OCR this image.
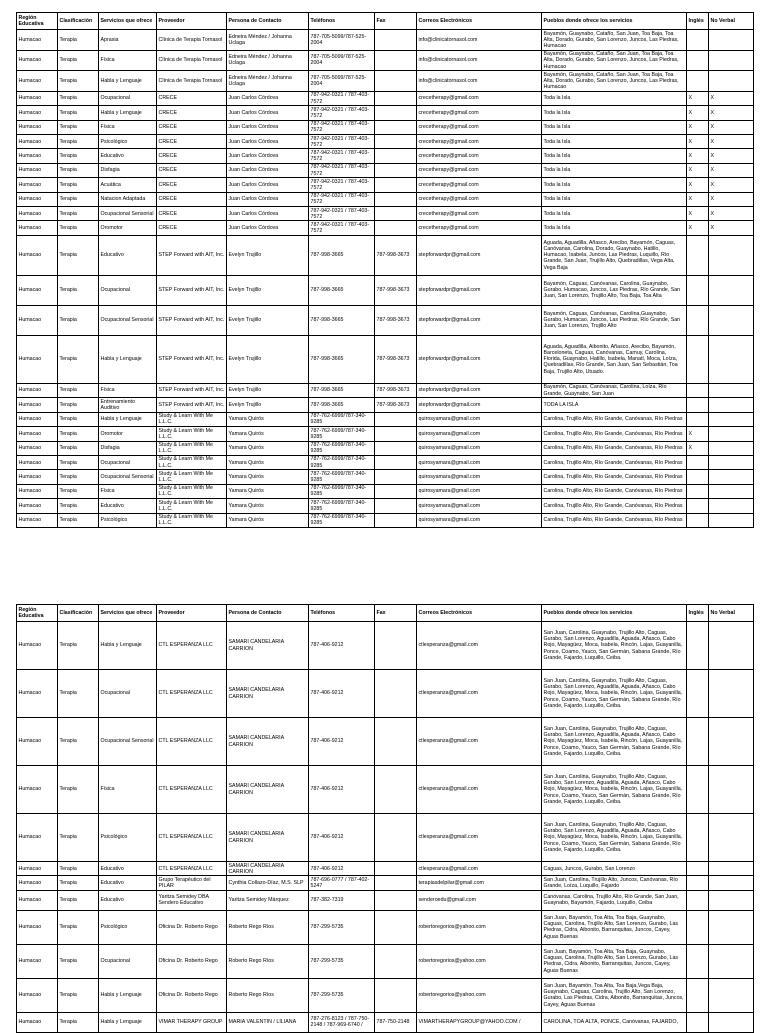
Región Educativa	Clasificación	Servicios que ofrece	Proveedor	Persona de Contacto	Teléfonos	Fax	Correos Electrónicos	Pueblos donde ofrece los servicios	Inglés	No Verbal
Humacao	Terapia	Apraxia	Clínica de Terapia Tornasol	Edneira Méndez / Johanna Uclaga	787-705-5099/787-525-2004		info@clinicatornasol.com	Bayamón, Guaynabo, Cataño, San Juan, Toa Baja, Toa Alta, Dorado, Gurabo, San Lorenzo, Juncos, Las Piedras, Humacao		
Humacao	Terapia	Física	Clínica de Terapia Tornasol	Edneira Méndez / Johanna Uclaga	787-705-5099/787-525-2004		info@clinicatornasol.com	Bayamón, Guaynabo, Cataño, San Juan, Toa Baja, Toa Alta, Dorado, Gurabo, San Lorenzo, Juncos, Las Piedras, Humacao		
Humacao	Terapia	Habla y Lenguaje	Clínica de Terapia Tornasol	Edneira Méndez / Johanna Uclaga	787-705-5099/787-525-2004		info@clinicatornasol.com	Bayamón, Guaynabo, Cataño, San Juan, Toa Baja, Toa Alta, Dorado, Gurabo, San Lorenzo, Juncos, Las Piedras, Humacao		
Humacao	Terapia	Ocupacional	CRECE	Juan Carlos Córdova	787-942-0321 / 787-403-7572		crecetherapy@gmail.com	Toda la Isla	X	X
Humacao	Terapia	Habla y Lenguaje	CRECE	Juan Carlos Córdova	787-942-0321 / 787-403-7572		crecetherapy@gmail.com	Toda la Isla	X	X
Humacao	Terapia	Física	CRECE	Juan Carlos Córdova	787-942-0321 / 787-403-7572		crecetherapy@gmail.com	Toda la Isla	X	X
Humacao	Terapia	Psicológico	CRECE	Juan Carlos Córdova	787-942-0321 / 787-403-7572		crecetherapy@gmail.com	Toda la Isla	X	X
Humacao	Terapia	Educativo	CRECE	Juan Carlos Córdova	787-942-0321 / 787-403-7572		crecetherapy@gmail.com	Toda la Isla	X	X
Humacao	Terapia	Disfagia	CRECE	Juan Carlos Córdova	787-942-0321 / 787-403-7572		crecetherapy@gmail.com	Toda la Isla	X	X
Humacao	Terapia	Acuática	CRECE	Juan Carlos Córdova	787-942-0321 / 787-403-7572		crecetherapy@gmail.com	Toda la Isla	X	X
Humacao	Terapia	Natacion Adaptada	CRECE	Juan Carlos Córdova	787-942-0321 / 787-403-7572		crecetherapy@gmail.com	Toda la Isla	X	X
Humacao	Terapia	Ocupacional Sensorial	CRECE	Juan Carlos Córdova	787-942-0321 / 787-403-7572		crecetherapy@gmail.com	Toda la Isla	X	X
Humacao	Terapia	Oromotor	CRECE	Juan Carlos Córdova	787-942-0321 / 787-403-7572		crecetherapy@gmail.com	Toda la Isla	X	X
Humacao	Terapia	Educativo	STEP Forward with AIT, Inc.	Evelyn Trujillo	787-998-3665	787-998-3673	stepforwardpr@gmail.com	Aguada, Aguadilla, Añasco, Arecibo, Bayamón, Caguas, Canóvanas, Carolina, Dorado, Guaynabo, Hatillo, Humacao, Isabela, Juncos, Las Piedras, Luquillo, Río Grande, San Juan, Trujillo Alto, Quebradillas, Vega Alta, Vega Baja		
Humacao	Terapia	Ocupacional	STEP Forward with AIT, Inc.	Evelyn Trujillo	787-998-3665	787-998-3673	stepforwardpr@gmail.com	Bayamón, Caguas, Canóvanas, Carolina, Guaynabo, Gurabo, Humacao, Juncos, Las Piedras, Río Grande, San Juan, San Lorenzo, Trujillo Alto, Toa Baja, Toa Alta		
Humacao	Terapia	Ocupacional Sensorial	STEP Forward with AIT, Inc.	Evelyn Trujillo	787-998-3665	787-998-3673	stepforwardpr@gmail.com	Bayamón, Caguas, Canóvanas, Carolina,Guaynabo, Gurabo, Humacao, Juncos, Las Piedras, Río Grande, San Juan, San Lorenzo, Trujillo Alto		
Humacao	Terapia	Habla y Lenguaje	STEP Forward with AIT, Inc.	Evelyn Trujillo	787-998-3665	787-998-3673	stepforwardpr@gmail.com	Aguada, Aguadilla, Aibonito, Añasco, Arecibo, Bayamón, Barceloneta, Caguas, Canóvanas, Camuy, Carolina, Florida, Guaynabo, Hatillo, Isabela, Manatí, Moca, Loíza, Quebradillas, Río Grande, San Juan, San Sebastián, Toa Baja, Trujillo Alto, Utuado.		
Humacao	Terapia	Física	STEP Forward with AIT, Inc.	Evelyn Trujillo	787-998-3665	787-998-3673	stepforwardpr@gmail.com	Bayamón, Caguas, Canóvanas, Carolina, Loíza, Río Grande, Guaynabo, San Juan		
Humacao	Terapia	Entrenamiento Auditivo	STEP Forward with AIT, Inc.	Evelyn Trujillo	787-998-3665	787-998-3673	stepforwardpr@gmail.com	TODA LA ISLA		
Humacao	Terapia	Habla y Lenguaje	Study & Learn With Me L.L.C.	Yamara Quirós	787-762-6999/787-340-9285		quirosyamara@gmail.com	Carolina, Trujillo Alto, Río Grande, Canóvanas, Río Piedras		
Humacao	Terapia	Oromotor	Study & Learn With Me L.L.C.	Yamara Quirós	787-762-6999/787-340-9285		quirosyamara@gmail.com	Carolina, Trujillo Alto, Río Grande, Canóvanas, Río Piedras	X	
Humacao	Terapia	Disfagia	Study & Learn With Me L.L.C.	Yamara Quirós	787-762-6999/787-340-9285		quirosyamara@gmail.com	Carolina, Trujillo Alto, Río Grande, Canóvanas, Río Piedras	X	
Humacao	Terapia	Ocupacional	Study & Learn With Me L.L.C.	Yamara Quirós	787-762-6999/787-340-9285		quirosyamara@gmail.com	Carolina, Trujillo Alto, Río Grande, Canóvanas, Río Piedras		
Humacao	Terapia	Ocupacional Sensorial	Study & Learn With Me L.L.C.	Yamara Quirós	787-762-6999/787-340-9285		quirosyamara@gmail.com	Carolina, Trujillo Alto, Río Grande, Canóvanas, Río Piedras		
Humacao	Terapia	Física	Study & Learn With Me L.L.C.	Yamara Quirós	787-762-6999/787-340-9285		quirosyamara@gmail.com	Carolina, Trujillo Alto, Río Grande, Canóvanas, Río Piedras		
Humacao	Terapia	Educativo	Study & Learn With Me L.L.C.	Yamara Quirós	787-762-6999/787-340-9285		quirosyamara@gmail.com	Carolina, Trujillo Alto, Río Grande, Canóvanas, Río Piedras		
Humacao	Terapia	Psicológico	Study & Learn With Me L.L.C.	Yamara Quirós	787-762-6999/787-340-9285		quirosyamara@gmail.com	Carolina, Trujillo Alto, Río Grande, Canóvanas, Río Piedras		
Región Educativa	Clasificación	Servicios que ofrece	Proveedor	Persona de Contacto	Teléfonos	Fax	Correos Electrónicos	Pueblos donde ofrece los servicios	Inglés	No Verbal
Humacao	Terapia	Habla y Lenguaje	CTL ESPERANZA LLC	SAMARI CANDELARIA CARRION	787-406-9212		ctlesperanza@gmail.com	San Juan, Carolina, Guaynabo, Trujillo Alto, Caguas, Gurabo, San Lorenzo, Aguadilla, Aguada, Añasco, Cabo Rojo, Mayagüez, Moca, Isabela, Rincón, Lajas, Guayanilla, Ponce, Coamo, Yauco, San Germán, Sabana Grande, Río Grande, Fajardo, Luquillo, Ceiba.		
Humacao	Terapia	Ocupacional	CTL ESPERANZA LLC	SAMARI CANDELARIA CARRION	787-406-9212		ctlesperanza@gmail.com	San Juan, Carolina, Guaynabo, Trujillo Alto, Caguas, Gurabo, San Lorenzo, Aguadilla, Aguada, Añasco, Cabo Rojo, Mayagüez, Moca, Isabela, Rincón, Lajas, Guayanilla, Ponce, Coamo, Yauco, San Germán, Sabana Grande, Río Grande, Fajardo, Luquillo, Ceiba.		
Humacao	Terapia	Ocupacional Sensorial	CTL ESPERANZA LLC	SAMARI CANDELARIA CARRION	787-406-9212		ctlesperanza@gmail.com	San Juan, Carolina, Guaynabo, Trujillo Alto, Caguas, Gurabo, San Lorenzo, Aguadilla, Aguada, Añasco, Cabo Rojo, Mayagüez, Moca, Isabela, Rincón, Lajas, Guayanilla, Ponce, Coamo, Yauco, San Germán, Sabana Grande, Río Grande, Fajardo, Luquillo, Ceiba.		
Humacao	Terapia	Física	CTL ESPERANZA LLC	SAMARI CANDELARIA CARRION	787-406-9212		ctlesperanza@gmail.com	San Juan, Carolina, Guaynabo, Trujillo Alto, Caguas, Gurabo, San Lorenzo, Aguadilla, Aguada, Añasco, Cabo Rojo, Mayagüez, Moca, Isabela, Rincón, Lajas, Guayanilla, Ponce, Coamo, Yauco, San Germán, Sabana Grande, Río Grande, Fajardo, Luquillo, Ceiba.		
Humacao	Terapia	Psicológico	CTL ESPERANZA LLC	SAMARI CANDELARIA CARRION	787-406-9212		ctlesperanza@gmail.com	San Juan, Carolina, Guaynabo, Trujillo Alto, Caguas, Gurabo, San Lorenzo, Aguadilla, Aguada, Añasco, Cabo Rojo, Mayagüez, Moca, Isabela, Rincón, Lajas, Guayanilla, Ponce, Coamo, Yauco, San Germán, Sabana Grande, Río Grande, Fajardo, Luquillo, Ceiba.		
Humacao	Terapia	Educativo	CTL ESPERANZA LLC	SAMARI CANDELARIA CARRION	787-406-9212		ctlesperanza@gmail.com	Caguas, Juncos, Gurabo, San Lorenzo		
Humacao	Terapia	Educativo	Grupo Terapéutico del PILAR	Cynthia Collazo-Díaz, M.S. SLP	787-696-0777 / 787-402-5247		terapiasdelpilar@gmail.com	San Juan, Carolina, Trujillo Alto, Juncos, Canóvanas, Río Grande, Loíza, Luquillo, Fajardo		
Humacao	Terapia	Educativo	Yaritza Semidey DBA Sendero Educativo	Yaritza Semidey Márquez	787-382-7319		senderoedu@gmail.com	Canóvanas, Carolina, Trujillo Alto, Río Grande, San Juan, Guaynabo, Bayamón, Fajardo, Luquillo, Ceiba		
Humacao	Terapia	Psicológico	Oficina Dr. Roberto Rego	Roberto Rego Ríos	787-299-5735		robertoregorios@yahoo.com	San Juan, Bayamón, Toa Alta, Toa Baja, Guaynabo, Caguas, Carolina, Trujillo Alto, San Lorenzo, Gurabo, Las Piedras, Cidra, Aibonito, Barranquitas, Juncos, Cayey, Aguas Buenas		
Humacao	Terapia	Ocupacional	Oficina Dr. Roberto Rego	Roberto Rego Ríos	787-299-5735		robertoregorios@yahoo.com	San Juan, Bayamón, Toa Alta, Toa Baja, Guaynabo, Caguas, Carolina, Trujillo Alto, San Lorenzo, Gurabo, Las Piedras, Cidra, Aibonito, Barranquitas, Juncos, Cayey, Aguas Buenas		
Humacao	Terapia	Habla y Lenguaje	Oficina Dr. Roberto Rego	Roberto Rego Ríos	787-299-5735		robertoregorios@yahoo.com	San Juan, Bayamón, Toa Alta, Toa Baja,Vega Baja, Guaynabo, Caguas, Carolina, Trujillo Alto, San Lorenzo, Gurabo, Las Piedras, Cidra, Aibonito, Barranquitas, Juncos, Cayey, Aguas Buenas		
Humacao	Terapia	Habla y Lenguaje	VIMAR THERAPY GROUP	MARIA VALENTIN / LILIANA	787-276-8123 / 787-750-2148 / 787-969-6740 /	787-750-2148	VIMARTHERAPYGROUP@YAHOO.COM /	CAROLINA, TOA ALTA, PONCE, Canóvanas, FAJARDO,		
